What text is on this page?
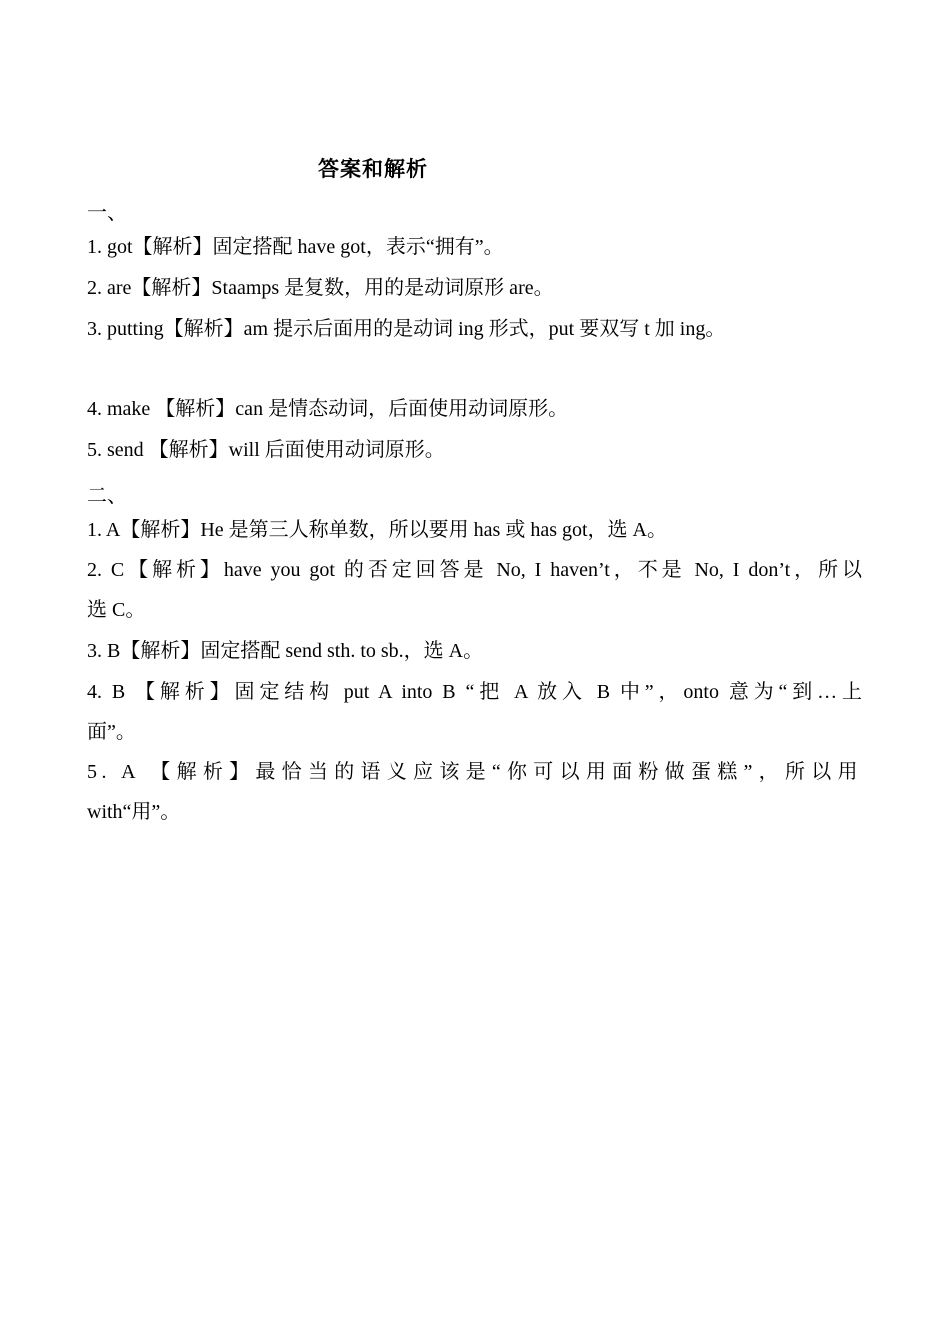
答案和解析
一、
1. got【解析】固定搭配 have got，表示“拥有”。
2. are【解析】Staamps 是复数，用的是动词原形 are。
3. putting【解析】am 提示后面用的是动词 ing 形式，put 要双写 t 加 ing。
4. make 【解析】can 是情态动词，后面使用动词原形。
5. send 【解析】will 后面使用动词原形。
二、
1. A【解析】He 是第三人称单数，所以要用 has 或 has got，选 A。
2. C【解析】have you got 的否定回答是 No, I haven’t，不是 No, I don’t，所以
选 C。
3. B【解析】固定搭配 send sth. to sb.，选 A。
4. B 【解析】固定结构 put A into B “把 A 放入 B 中”，onto 意为“到…上
面”。
5. A 【解析】最恰当的语义应该是“你可以用面粉做蛋糕”，所以用
with“用”。
